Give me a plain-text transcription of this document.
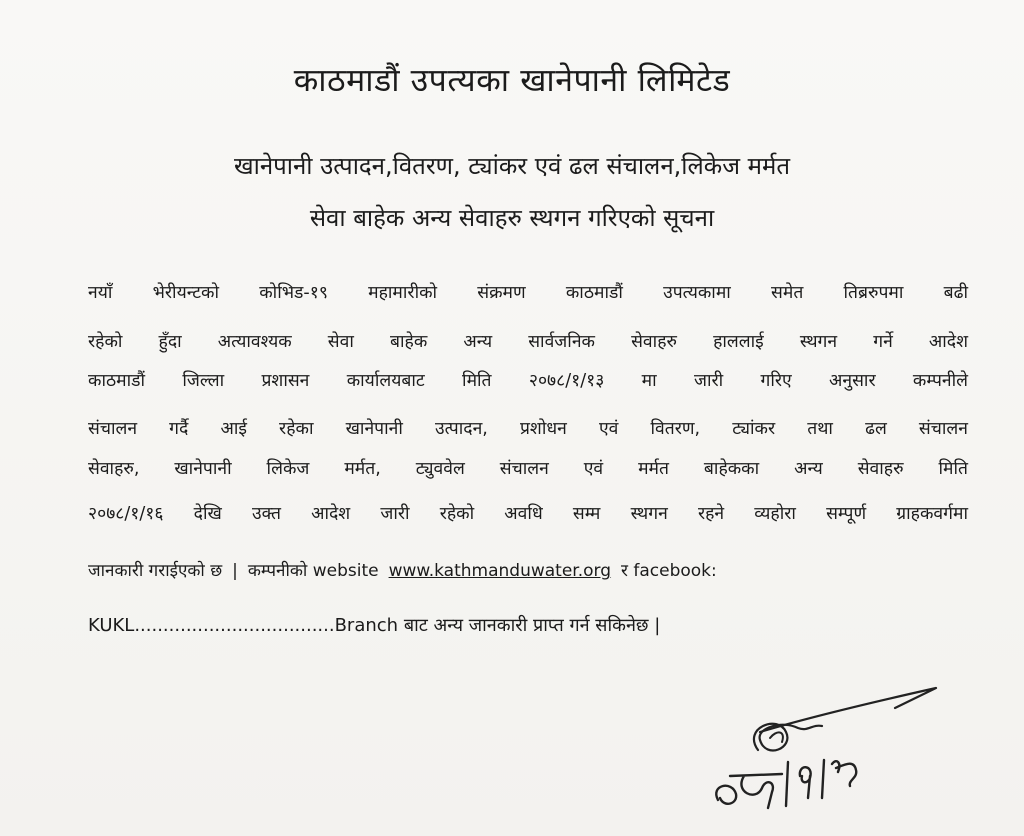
काठमाडौं उपत्यका खानेपानी लिमिटेड
खानेपानी उत्पादन,वितरण, ट्यांकर एवं ढल संचालन,लिकेज मर्मत
सेवा बाहेक अन्य सेवाहरु स्थगन गरिएको सूचना
नयाँ भेरीयन्टको कोभिड-१९ महामारीको संक्रमण काठमाडौं उपत्यकामा समेत तिब्ररुपमा बढी
रहेको हुँदा अत्यावश्यक सेवा बाहेक अन्य सार्वजनिक सेवाहरु हाललाई स्थगन गर्ने आदेश
काठमाडौं जिल्ला प्रशासन कार्यालयबाट मिति २०७८/१/१३ मा जारी गरिए अनुसार कम्पनीले
संचालन गर्दै आई रहेका खानेपानी उत्पादन, प्रशोधन एवं वितरण, ट्यांकर तथा ढल संचालन
सेवाहरु, खानेपानी लिकेज मर्मत, ट्युववेल संचालन एवं मर्मत बाहेकका अन्य सेवाहरु मिति
२०७८/१/१६ देखि उक्त आदेश जारी रहेको अवधि सम्म स्थगन रहने व्यहोरा सम्पूर्ण ग्राहकवर्गमा
जानकारी गराईएको छ | कम्पनीको website www.kathmanduwater.org र facebook:
KUKL...................................Branch बाट अन्य जानकारी प्राप्त गर्न सकिनेछ |
